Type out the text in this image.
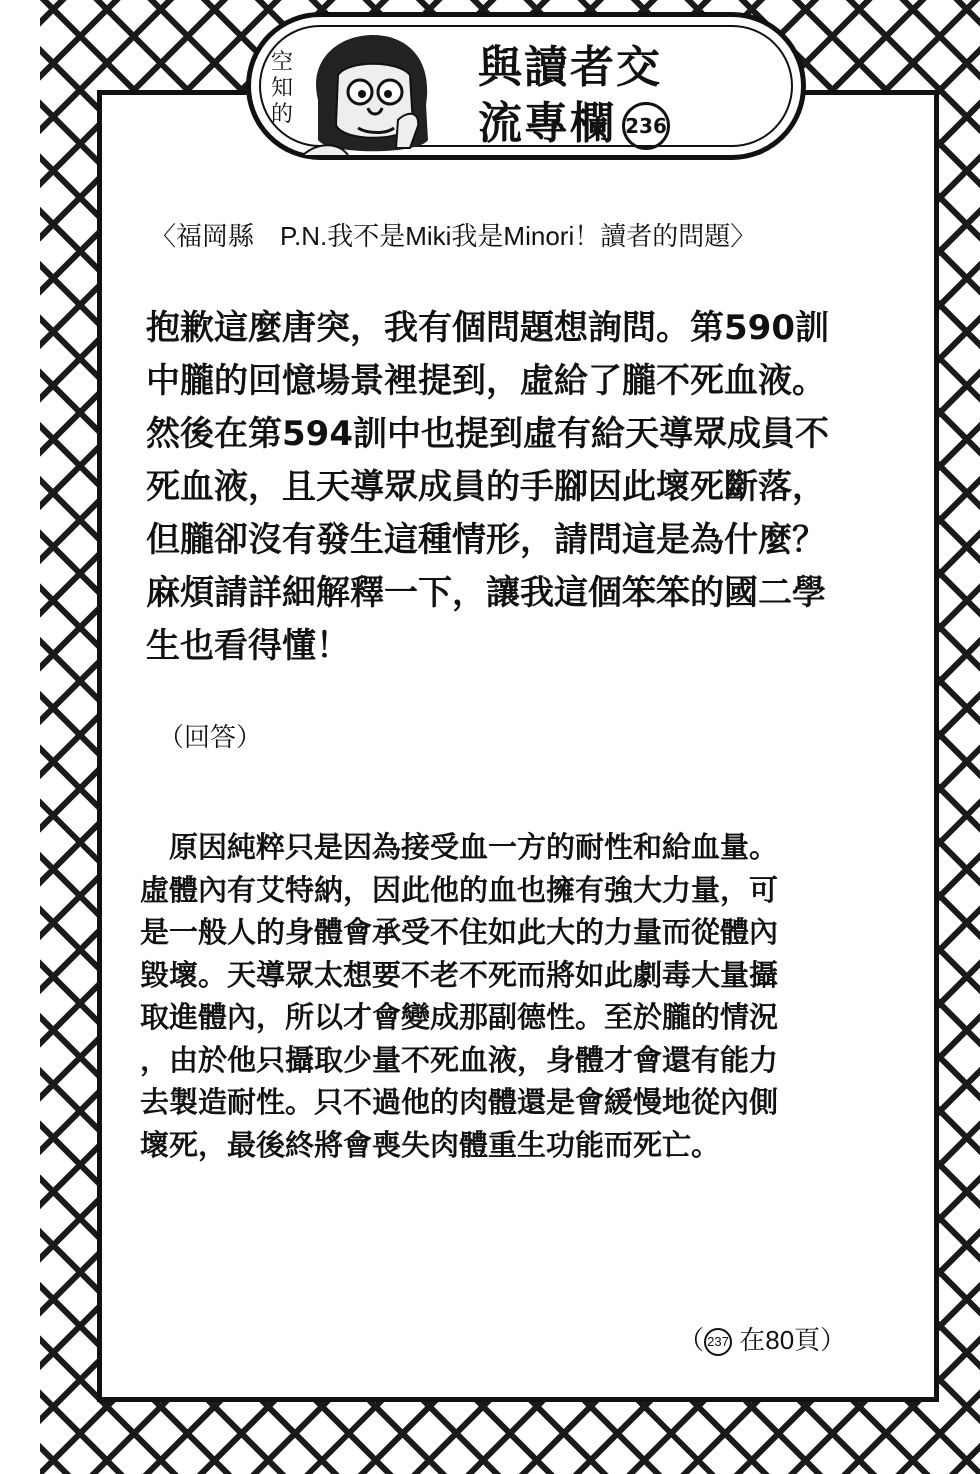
空
知
的
與讀者交
流專欄 236
〈福岡縣　P.N.我不是Miki我是Minori！讀者的問題〉
抱歉這麼唐突，我有個問題想詢問。第590訓
中朧的回憶場景裡提到，虛給了朧不死血液。
然後在第594訓中也提到虛有給天導眾成員不
死血液，且天導眾成員的手腳因此壞死斷落，
但朧卻沒有發生這種情形，請問這是為什麼？
麻煩請詳細解釋一下，讓我這個笨笨的國二學
生也看得懂！
（回答）
　原因純粹只是因為接受血一方的耐性和給血量。
虛體內有艾特納，因此他的血也擁有強大力量，可
是一般人的身體會承受不住如此大的力量而從體內
毀壞。天導眾太想要不老不死而將如此劇毒大量攝
取進體內，所以才會變成那副德性。至於朧的情況
，由於他只攝取少量不死血液，身體才會還有能力
去製造耐性。只不過他的肉體還是會緩慢地從內側
壞死，最後終將會喪失肉體重生功能而死亡。
（ 237 在80頁）
